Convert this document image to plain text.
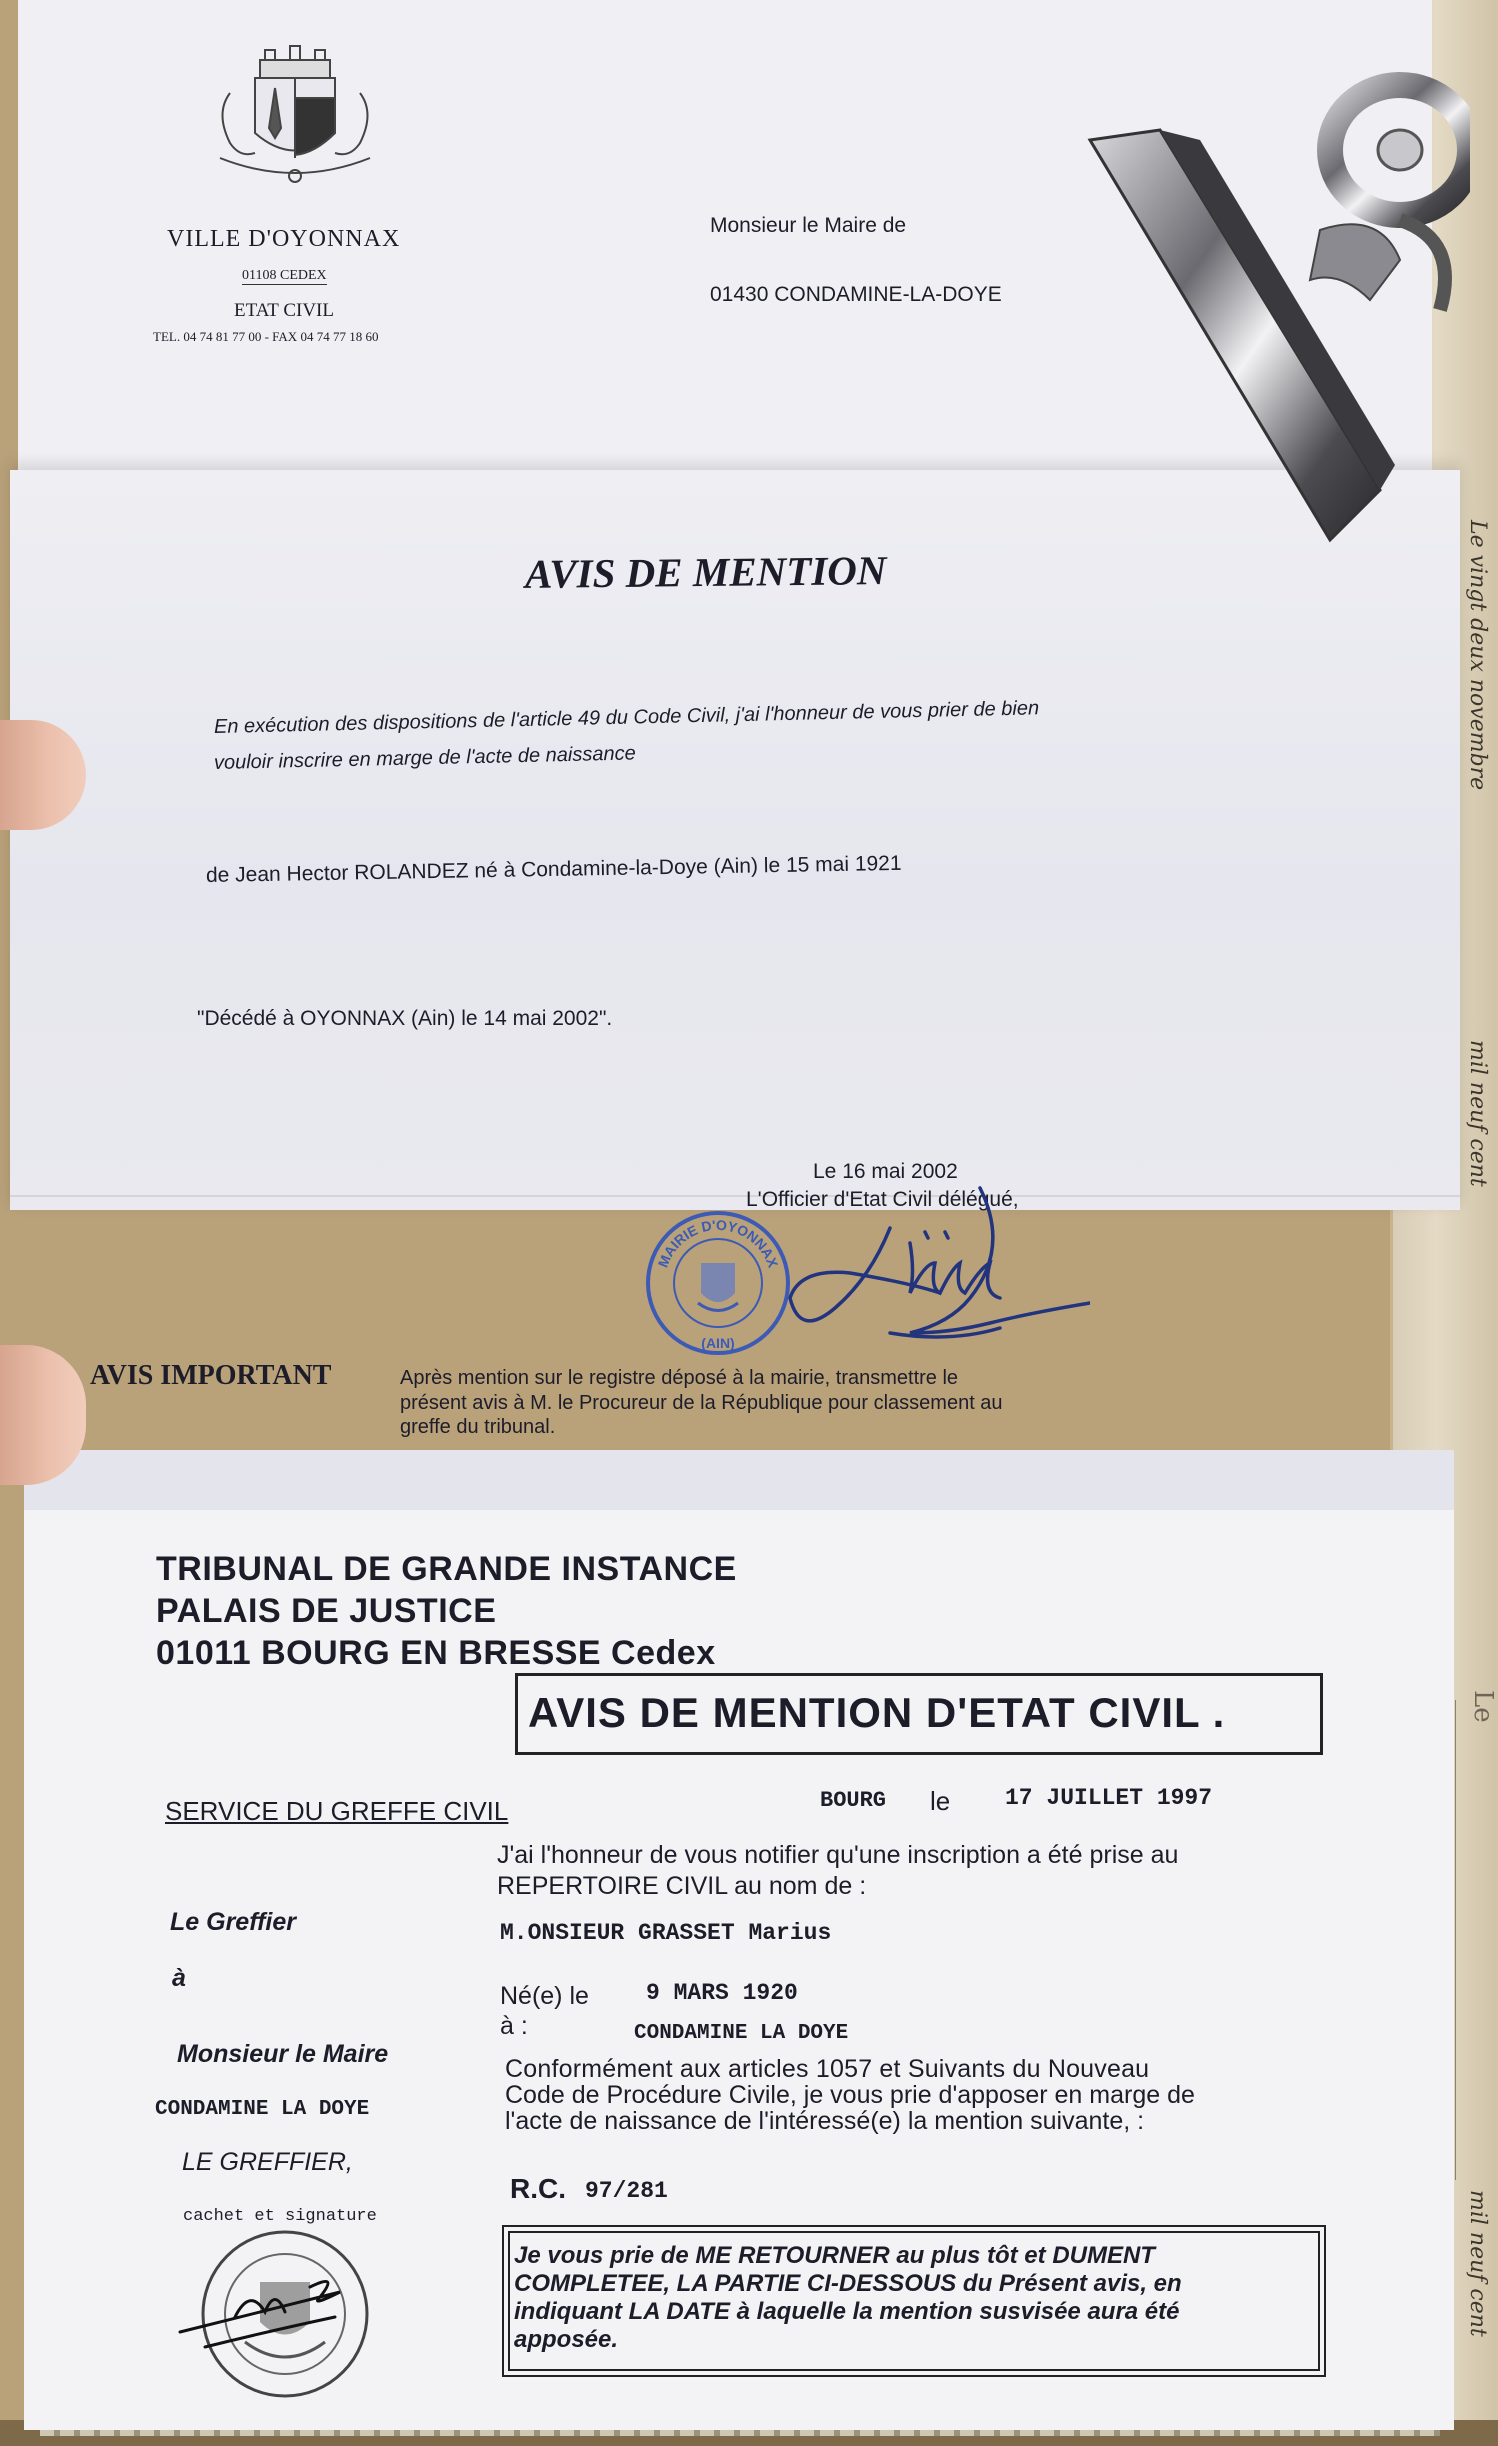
Le vingt deux novembre
mil neuf cent
Le
mil neuf cent
VILLE D'OYONNAX
01108 CEDEX
ETAT CIVIL
TEL. 04 74 81 77 00 - FAX 04 74 77 18 60
Monsieur le Maire de
01430 CONDAMINE-LA-DOYE
AVIS DE MENTION
En exécution des dispositions de l'article 49 du Code Civil, j'ai l'honneur de vous prier de bien
vouloir inscrire en marge de l'acte de naissance
de Jean Hector ROLANDEZ né à Condamine-la-Doye (Ain) le 15 mai 1921
"Décédé à OYONNAX (Ain) le 14 mai 2002".
Le 16 mai 2002
L'Officier d'Etat Civil délégué,
MAIRIE D'OYONNAX
(AIN)
AVIS IMPORTANT	Après mention sur le registre déposé à la mairie, transmettre le
présent avis à M. le Procureur de la République pour classement au
greffe du tribunal.
TRIBUNAL DE GRANDE INSTANCE
PALAIS DE JUSTICE
01011 BOURG EN BRESSE Cedex
AVIS DE MENTION D'ETAT CIVIL .
SERVICE DU GREFFE CIVIL	BOURG le 17 JUILLET 1997
J'ai l'honneur de vous notifier qu'une inscription a été prise au
REPERTOIRE CIVIL au nom de :
Le Greffier	M.ONSIEUR GRASSET Marius
à
Né(e) le 9 MARS 1920
à :	CONDAMINE LA DOYE
Monsieur le Maire
CONDAMINE LA DOYE
Conformément aux articles 1057 et Suivants du Nouveau
Code de Procédure Civile, je vous prie d'apposer en marge de
l'acte de naissance de l'intéressé(e) la mention suivante, :
LE GREFFIER,
R.C. 97/281
cachet et signature
Je vous prie de ME RETOURNER au plus tôt et DUMENT
COMPLETEE, LA PARTIE CI-DESSOUS du Présent avis, en
indiquant LA DATE à laquelle la mention susvisée aura été
apposée.
